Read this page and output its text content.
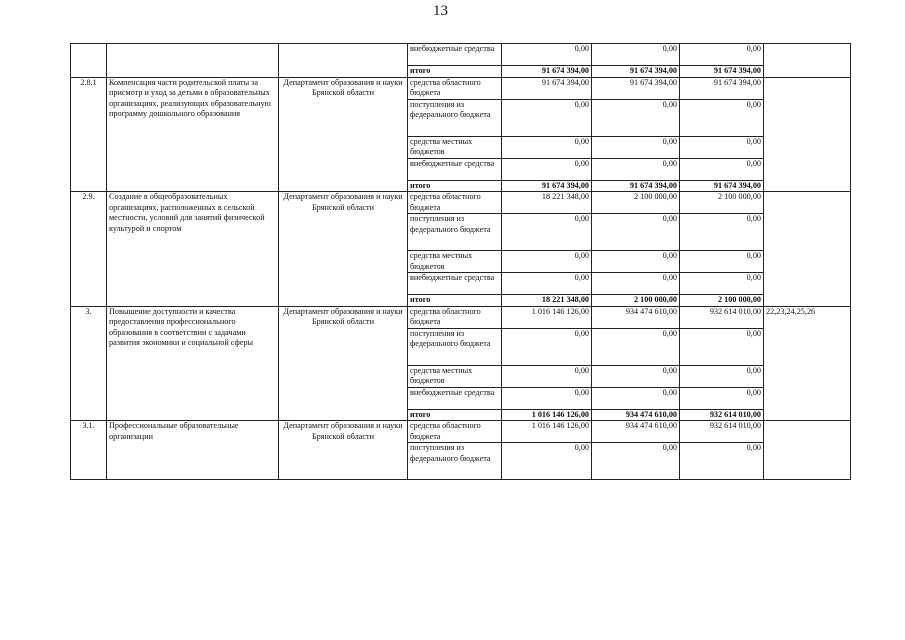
13
			внебюджетные средства	0,00	0,00	0,00	
			итого	91 674 394,00	91 674 394,00	91 674 394,00	
2.8.1	Компенсация части родительской платы за присмотр и уход за детьми в образовательных организациях, реализующих образовательную программу дошкольного образования	Департамент образования и науки Брянской области	средства областного бюджета	91 674 394,00	91 674 394,00	91 674 394,00	
			поступления из федерального бюджета	0,00	0,00	0,00	
			средства местных бюджетов	0,00	0,00	0,00	
			внебюджетные средства	0,00	0,00	0,00	
			итого	91 674 394,00	91 674 394,00	91 674 394,00	
2.9.	Создание в общеобразовательных организациях, расположенных в сельской местности, условий для занятий физической культурой и спортом	Департамент образования и науки Брянской области	средства областного бюджета	18 221 348,00	2 100 000,00	2 100 000,00	
			поступления из федерального бюджета	0,00	0,00	0,00	
			средства местных бюджетов	0,00	0,00	0,00	
			внебюджетные средства	0,00	0,00	0,00	
			итого	18 221 348,00	2 100 000,00	2 100 000,00	
3.	Повышение доступности и качества предоставления профессионального образования в соответствии с задачами развития экономики и социальной сферы	Департамент образования и науки Брянской области	средства областного бюджета	1 016 146 126,00	934 474 610,00	932 614 010,00	22,23,24,25,26
			поступления из федерального бюджета	0,00	0,00	0,00	
			средства местных бюджетов	0,00	0,00	0,00	
			внебюджетные средства	0,00	0,00	0,00	
			итого	1 016 146 126,00	934 474 610,00	932 614 010,00	
3.1.	Профессиональные образовательные организации	Департамент образования и науки Брянской области	средства областного бюджета	1 016 146 126,00	934 474 610,00	932 614 010,00	
			поступления из федерального бюджета	0,00	0,00	0,00	
